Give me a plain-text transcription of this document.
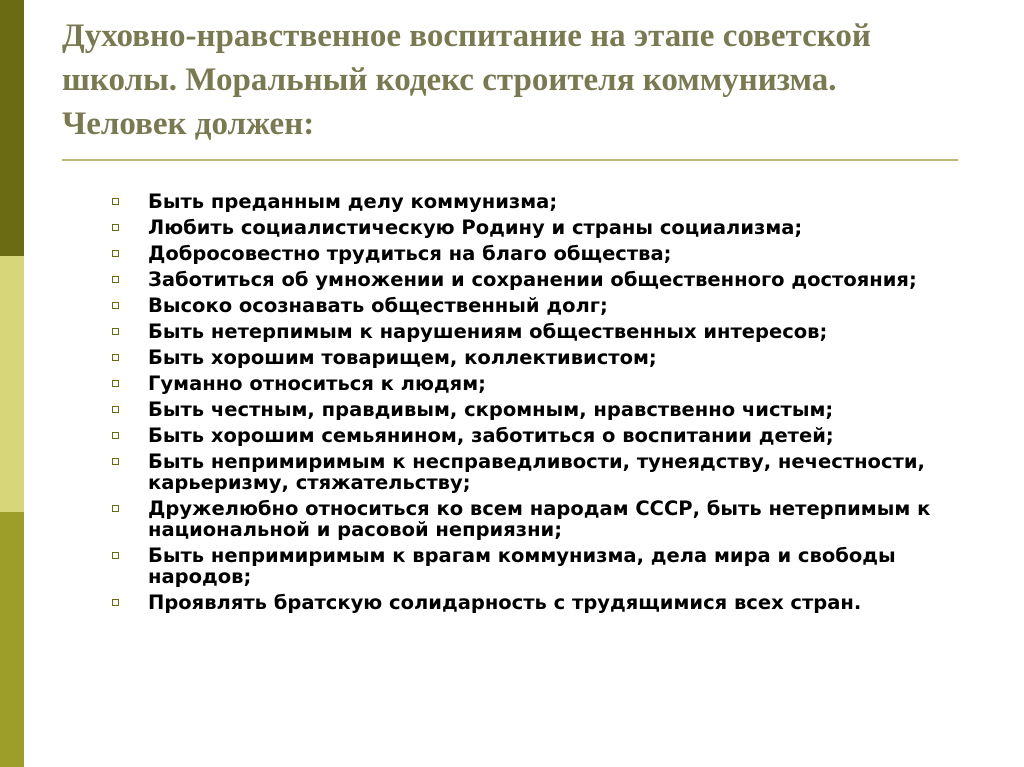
Духовно-нравственное воспитание на этапе советской школы. Моральный кодекс строителя коммунизма. Человек должен:
Быть преданным делу коммунизма;
Любить социалистическую Родину и страны социализма;
Добросовестно трудиться на благо общества;
Заботиться об умножении и сохранении общественного достояния;
Высоко осознавать общественный долг;
Быть нетерпимым к нарушениям общественных интересов;
Быть хорошим товарищем, коллективистом;
Гуманно относиться к людям;
Быть честным, правдивым, скромным, нравственно чистым;
Быть хорошим семьянином, заботиться о воспитании детей;
Быть непримиримым к несправедливости, тунеядству, нечестности, карьеризму, стяжательству;
Дружелюбно относиться ко всем народам СССР, быть нетерпимым к национальной и расовой неприязни;
Быть непримиримым к врагам коммунизма, дела мира и свободы народов;
Проявлять братскую солидарность с трудящимися всех стран.
